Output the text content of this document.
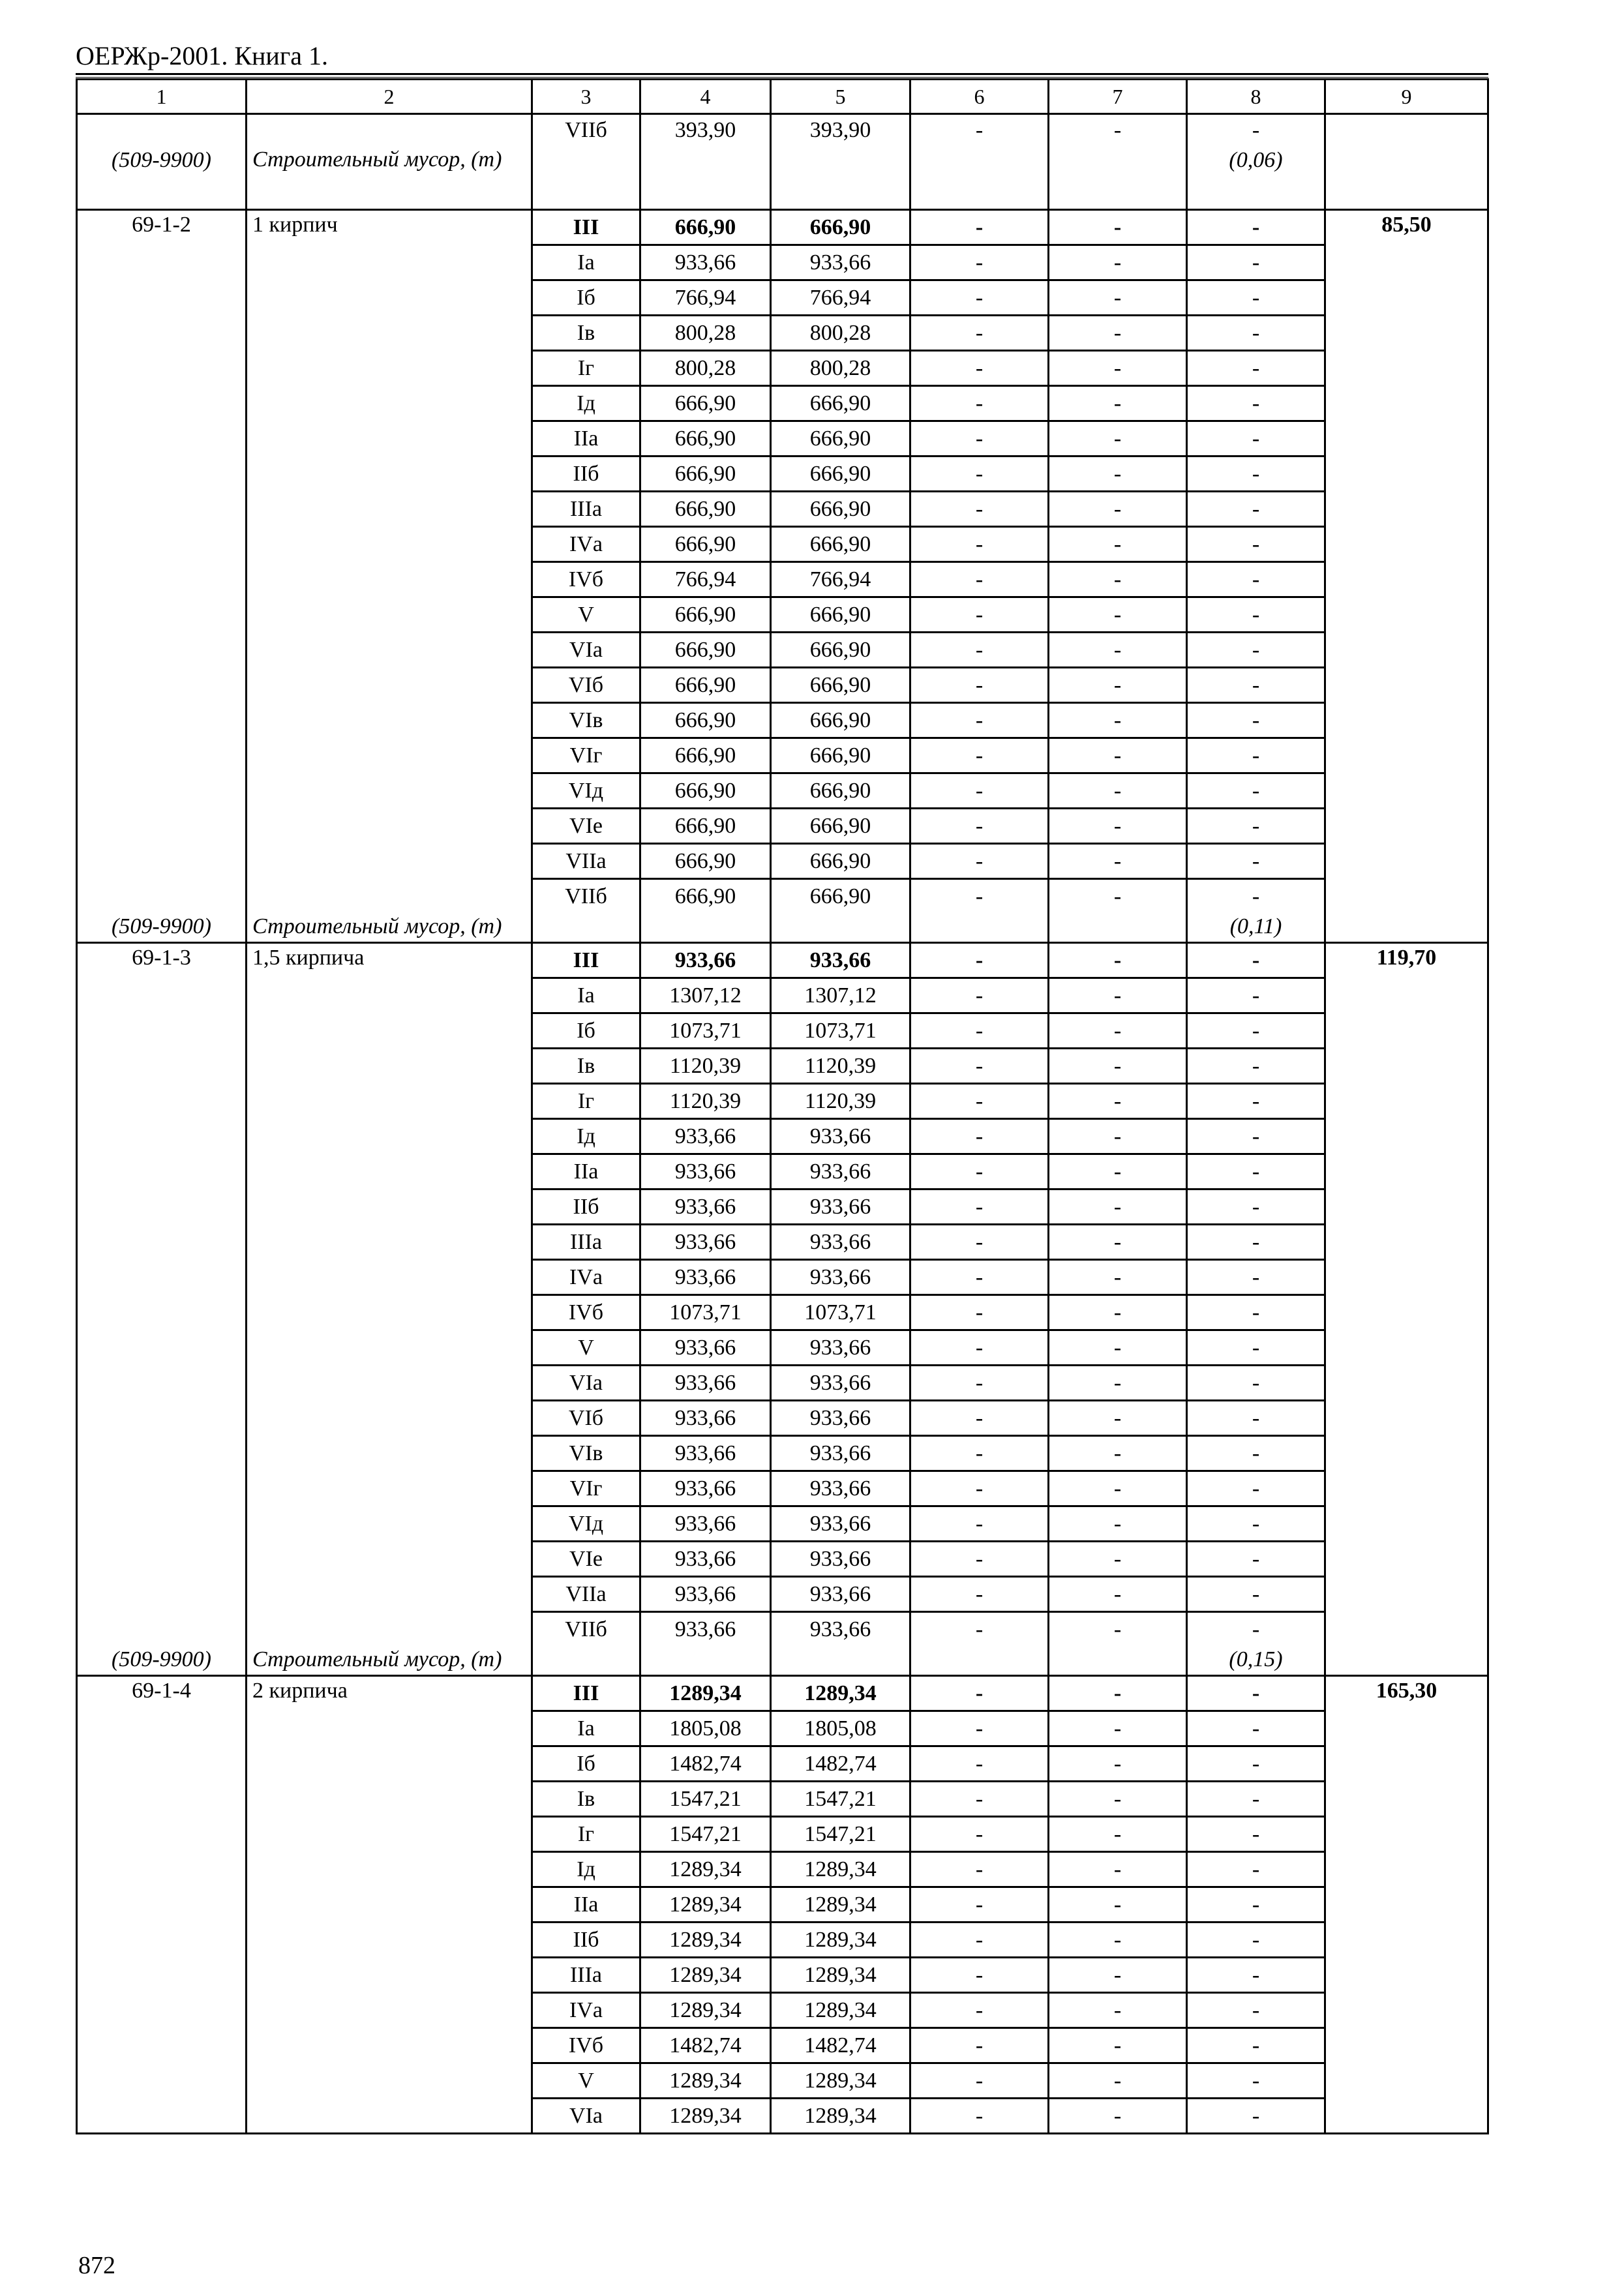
ОЕРЖр-2001. Книга 1.
1	2	3	4	5	6	7	8	9
		VIIб	393,90	393,90	-	-	-	
(509-9900)	Строительный мусор, (т)						(0,06)	
69-1-2	1 кирпич	III	666,90	666,90	-	-	-	85,50
		Iа	933,66	933,66	-	-	-	
		Iб	766,94	766,94	-	-	-	
		Iв	800,28	800,28	-	-	-	
		Iг	800,28	800,28	-	-	-	
		Iд	666,90	666,90	-	-	-	
		IIа	666,90	666,90	-	-	-	
		IIб	666,90	666,90	-	-	-	
		IIIа	666,90	666,90	-	-	-	
		IVа	666,90	666,90	-	-	-	
		IVб	766,94	766,94	-	-	-	
		V	666,90	666,90	-	-	-	
		VIа	666,90	666,90	-	-	-	
		VIб	666,90	666,90	-	-	-	
		VIв	666,90	666,90	-	-	-	
		VIг	666,90	666,90	-	-	-	
		VIд	666,90	666,90	-	-	-	
		VIе	666,90	666,90	-	-	-	
		VIIа	666,90	666,90	-	-	-	
		VIIб	666,90	666,90	-	-	-	
(509-9900)	Строительный мусор, (т)						(0,11)	
69-1-3	1,5 кирпича	III	933,66	933,66	-	-	-	119,70
		Iа	1307,12	1307,12	-	-	-	
		Iб	1073,71	1073,71	-	-	-	
		Iв	1120,39	1120,39	-	-	-	
		Iг	1120,39	1120,39	-	-	-	
		Iд	933,66	933,66	-	-	-	
		IIа	933,66	933,66	-	-	-	
		IIб	933,66	933,66	-	-	-	
		IIIа	933,66	933,66	-	-	-	
		IVа	933,66	933,66	-	-	-	
		IVб	1073,71	1073,71	-	-	-	
		V	933,66	933,66	-	-	-	
		VIа	933,66	933,66	-	-	-	
		VIб	933,66	933,66	-	-	-	
		VIв	933,66	933,66	-	-	-	
		VIг	933,66	933,66	-	-	-	
		VIд	933,66	933,66	-	-	-	
		VIе	933,66	933,66	-	-	-	
		VIIа	933,66	933,66	-	-	-	
		VIIб	933,66	933,66	-	-	-	
(509-9900)	Строительный мусор, (т)						(0,15)	
69-1-4	2 кирпича	III	1289,34	1289,34	-	-	-	165,30
		Iа	1805,08	1805,08	-	-	-	
		Iб	1482,74	1482,74	-	-	-	
		Iв	1547,21	1547,21	-	-	-	
		Iг	1547,21	1547,21	-	-	-	
		Iд	1289,34	1289,34	-	-	-	
		IIа	1289,34	1289,34	-	-	-	
		IIб	1289,34	1289,34	-	-	-	
		IIIа	1289,34	1289,34	-	-	-	
		IVа	1289,34	1289,34	-	-	-	
		IVб	1482,74	1482,74	-	-	-	
		V	1289,34	1289,34	-	-	-	
		VIа	1289,34	1289,34	-	-	-	
872
